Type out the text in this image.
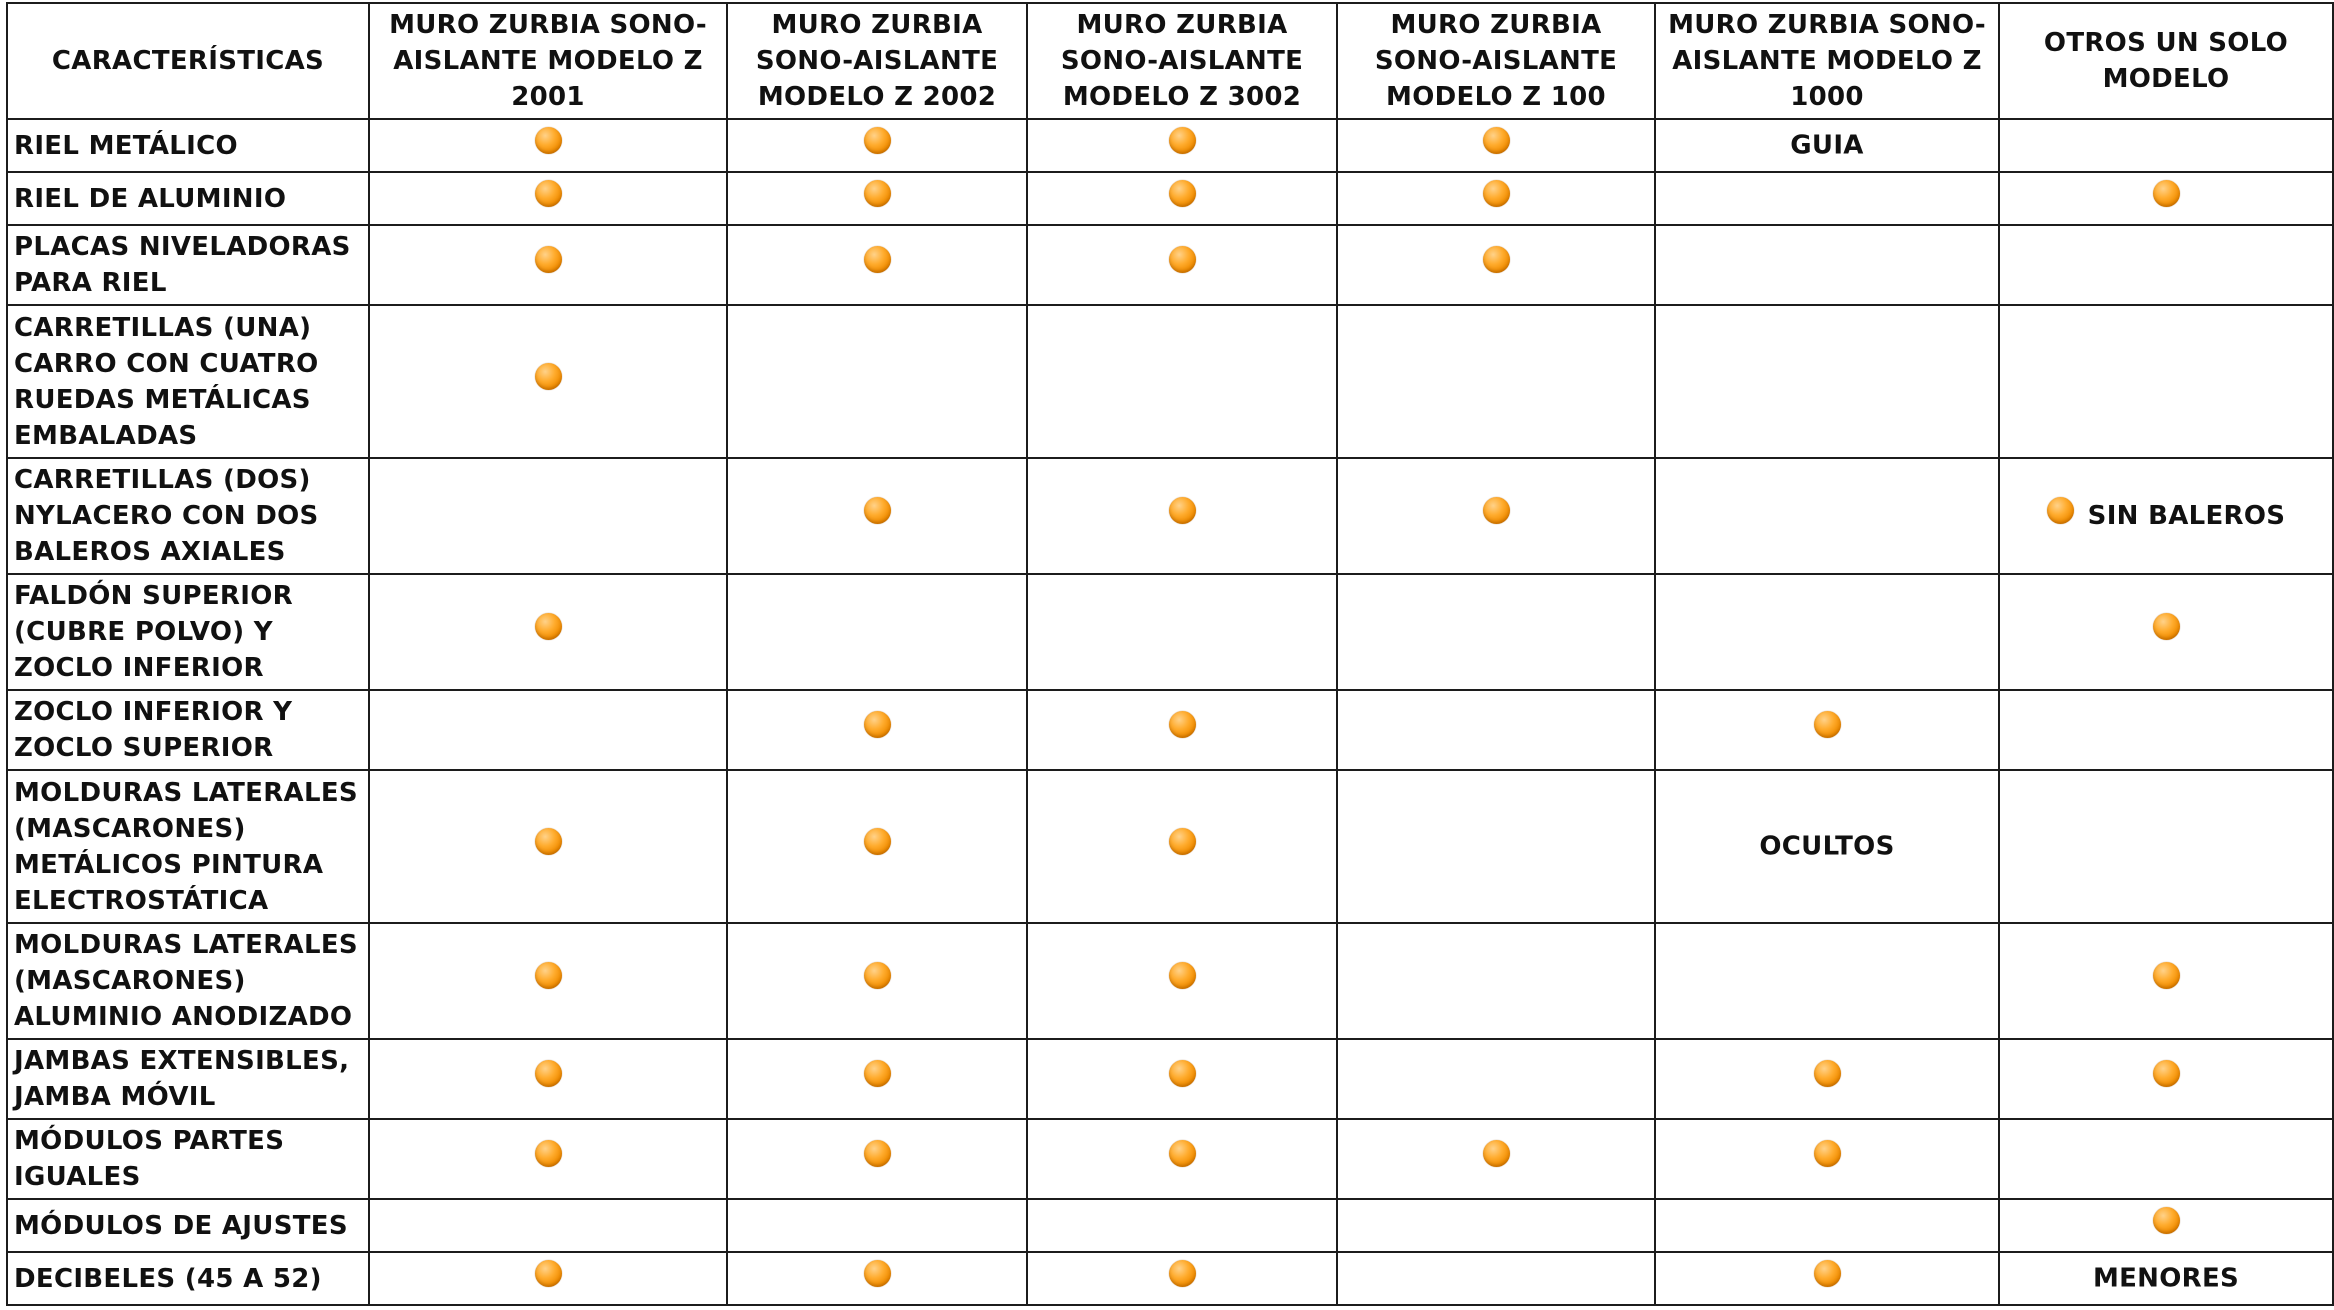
CARACTERÍSTICAS	MURO ZURBIA SONO-AISLANTE MODELO Z 2001	MURO ZURBIA SONO-AISLANTE MODELO Z 2002	MURO ZURBIA SONO-AISLANTE MODELO Z 3002	MURO ZURBIA SONO-AISLANTE MODELO Z 100	MURO ZURBIA SONO-AISLANTE MODELO Z 1000	OTROS UN SOLO MODELO
RIEL METÁLICO					GUIA	
RIEL DE ALUMINIO						
PLACAS NIVELADORAS PARA RIEL						
CARRETILLAS (UNA) CARRO CON CUATRO RUEDAS METÁLICAS EMBALADAS						
CARRETILLAS (DOS) NYLACERO CON DOS BALEROS AXIALES						SIN BALEROS
FALDÓN SUPERIOR (CUBRE POLVO) Y ZOCLO INFERIOR						
ZOCLO INFERIOR Y ZOCLO SUPERIOR						
MOLDURAS LATERALES (MASCARONES) METÁLICOS PINTURA ELECTROSTÁTICA					OCULTOS	
MOLDURAS LATERALES (MASCARONES) ALUMINIO ANODIZADO						
JAMBAS EXTENSIBLES, JAMBA MÓVIL						
MÓDULOS PARTES IGUALES						
MÓDULOS DE AJUSTES						
DECIBELES (45 A 52)						MENORES
